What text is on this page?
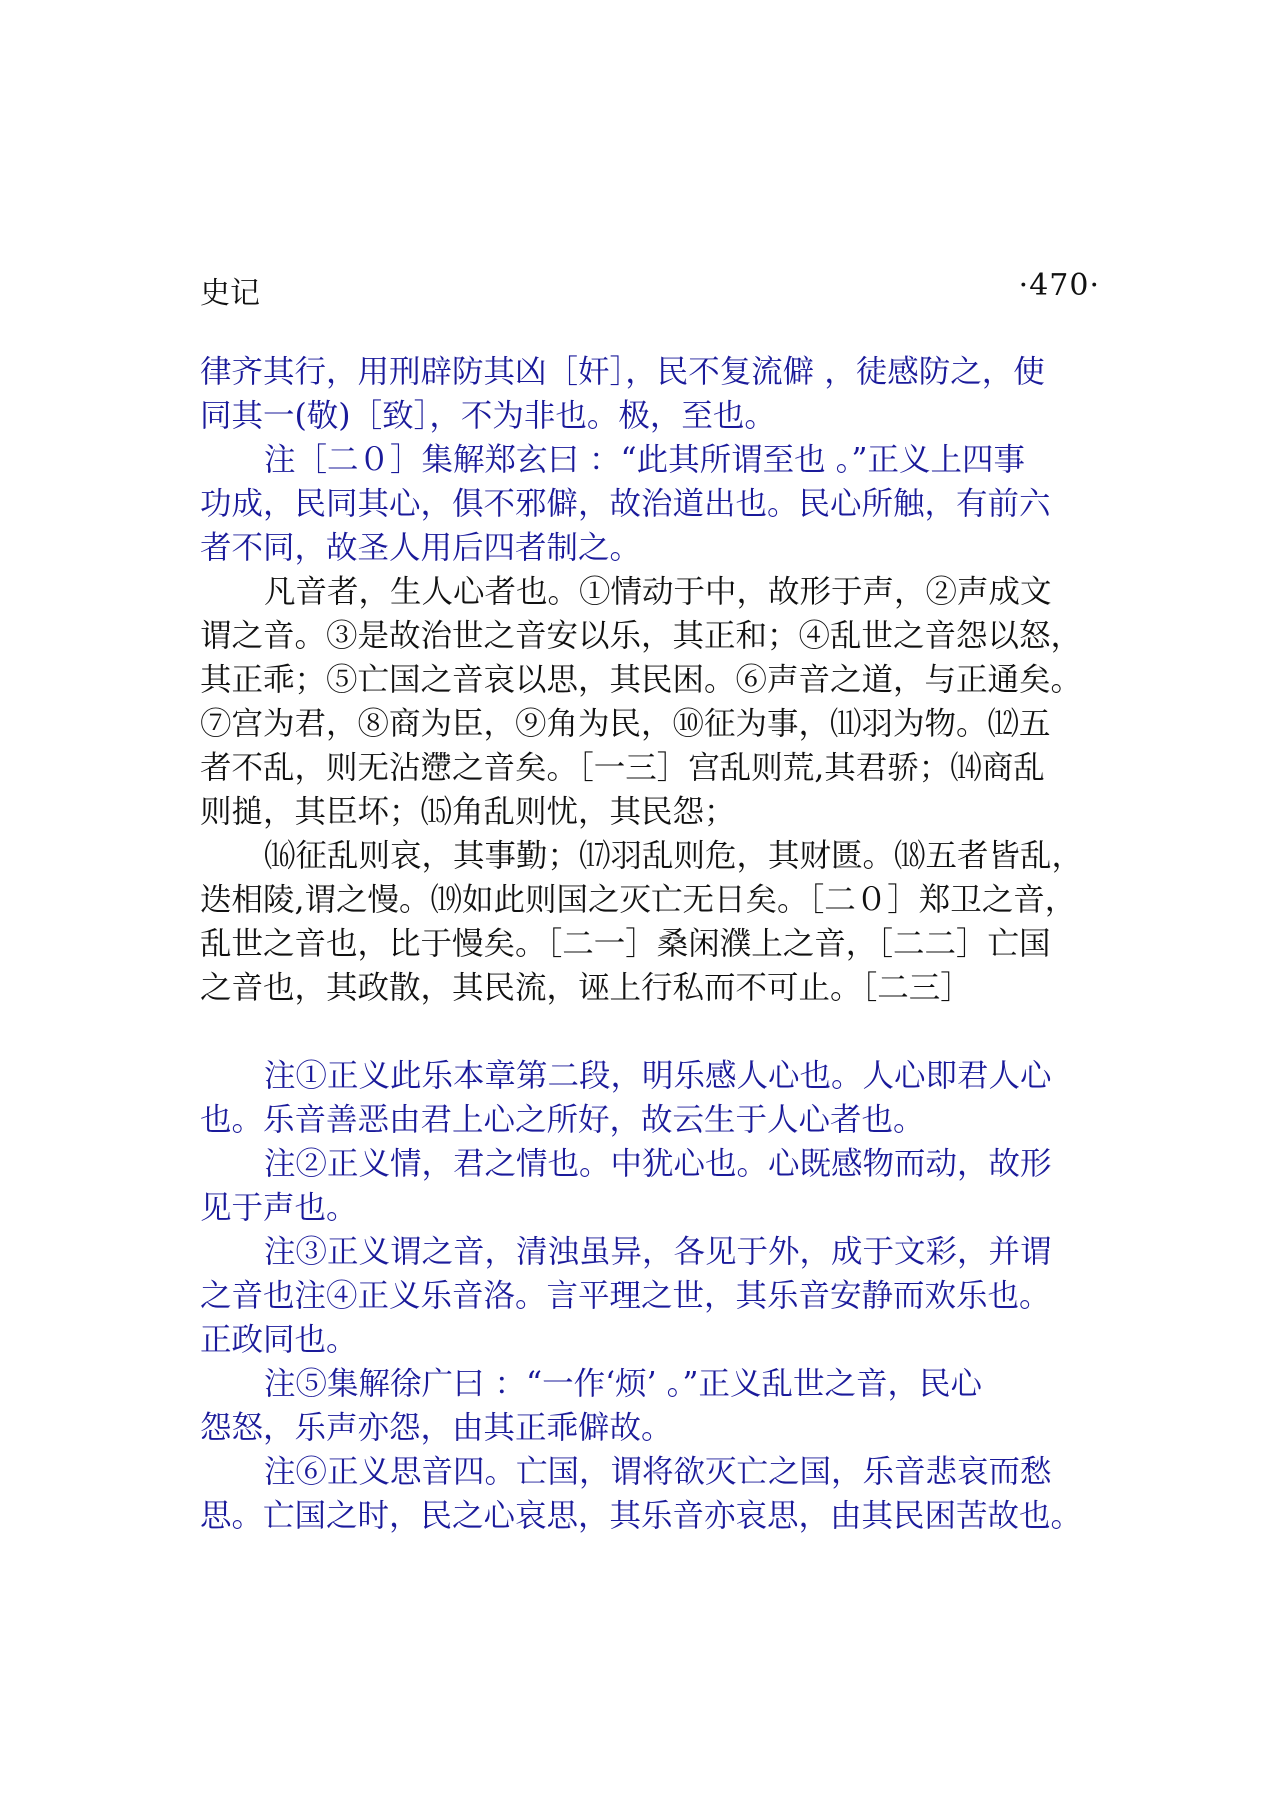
史记	·470·

律齐其行，用刑辟防其凶［奸］，民不复流僻 ，徒感防之，使

同其一(敬)［致］，不为非也。极，至也。

注［二０］集解郑玄曰 ：“此其所谓至也 。”正义上四事

功成，民同其心，俱不邪僻，故治道出也。民心所触，有前六

者不同，故圣人用后四者制之。

凡音者，生人心者也。①情动于中，故形于声，②声成文

谓之音。③是故治世之音安以乐，其正和；④乱世之音怨以怒，

其正乖；⑤亡国之音哀以思，其民困。⑥声音之道，与正通矣。

⑦宫为君，⑧商为臣，⑨角为民，⑩征为事，⑾羽为物。⑿五

者不乱，则无沾懘之音矣。［一三］宫乱则荒,其君骄；⒁商乱

则搥，其臣坏；⒂角乱则忧，其民怨；

⒃征乱则哀，其事勤；⒄羽乱则危，其财匮。⒅五者皆乱，

迭相陵,谓之慢。⒆如此则国之灭亡无日矣。［二０］郑卫之音，

乱世之音也，比于慢矣。［二一］桑闲濮上之音，［二二］亡国

之音也，其政散，其民流，诬上行私而不可止。［二三］

注①正义此乐本章第二段，明乐感人心也。人心即君人心

也。乐音善恶由君上心之所好，故云生于人心者也。

注②正义情，君之情也。中犹心也。心既感物而动，故形

见于声也。

注③正义谓之音，清浊虽异，各见于外，成于文彩，并谓

之音也注④正义乐音洛。言平理之世，其乐音安静而欢乐也。

正政同也。

注⑤集解徐广曰 ：“一作‘烦’ 。”正义乱世之音，民心

怨怒，乐声亦怨，由其正乖僻故。

注⑥正义思音四。亡国，谓将欲灭亡之国，乐音悲哀而愁

思。亡国之时，民之心哀思，其乐音亦哀思，由其民困苦故也。
